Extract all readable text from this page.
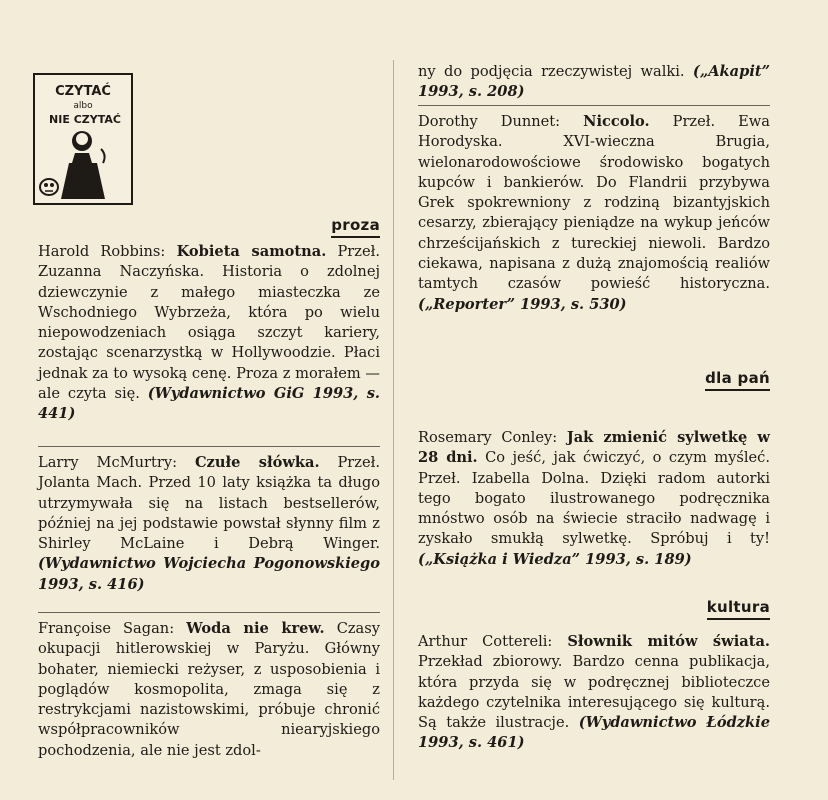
CZYTAĆ
albo
NIE CZYTAĆ
proza

Harold Robbins: Kobieta samotna. Przeł. Zuzanna Naczyńska. Historia o zdolnej dziewczynie z małego miasteczka ze Wschodniego Wybrzeża, która po wielu niepowodzeniach osiąga szczyt kariery, zostając scenarzystką w Hollywoodzie. Płaci jednak za to wysoką cenę. Proza z morałem — ale czyta się. (Wydawnictwo GiG 1993, s. 441)

Larry McMurtry: Czułe słówka. Przeł. Jolanta Mach. Przed 10 laty książka ta długo utrzymywała się na listach bestsellerów, później na jej podstawie powstał słynny film z Shirley McLaine i Debrą Winger. (Wydawnictwo Wojciecha Pogonowskiego 1993, s. 416)

Françoise Sagan: Woda nie krew. Czasy okupacji hitlerowskiej w Paryżu. Główny bohater, niemiecki reżyser, z usposobienia i poglądów kosmopolita, zmaga się z restrykcjami nazistowskimi, próbuje chronić współpracowników niearyjskiego pochodzenia, ale nie jest zdol-

ny do podjęcia rzeczywistej walki. („Akapit” 1993, s. 208)

Dorothy Dunnet: Niccolo. Przeł. Ewa Horodyska. XVI-wieczna Brugia, wielonarodowościowe środowisko bogatych kupców i bankierów. Do Flandrii przybywa Grek spokrewniony z rodziną bizantyjskich cesarzy, zbierający pieniądze na wykup jeńców chrześcijańskich z tureckiej niewoli. Bardzo ciekawa, napisana z dużą znajomością realiów tamtych czasów powieść historyczna. („Reporter” 1993, s. 530)

dla pań

Rosemary Conley: Jak zmienić sylwetkę w 28 dni. Co jeść, jak ćwiczyć, o czym myśleć. Przeł. Izabella Dolna. Dzięki radom autorki tego bogato ilustrowanego podręcznika mnóstwo osób na świecie straciło nadwagę i zyskało smukłą sylwetkę. Spróbuj i ty! („Książka i Wiedza” 1993, s. 189)

kultura

Arthur Cottereli: Słownik mitów świata. Przekład zbiorowy. Bardzo cenna publikacja, która przyda się w podręcznej biblioteczce każdego czytelnika interesującego się kulturą. Są także ilustracje. (Wydawnictwo Łódzkie 1993, s. 461)
